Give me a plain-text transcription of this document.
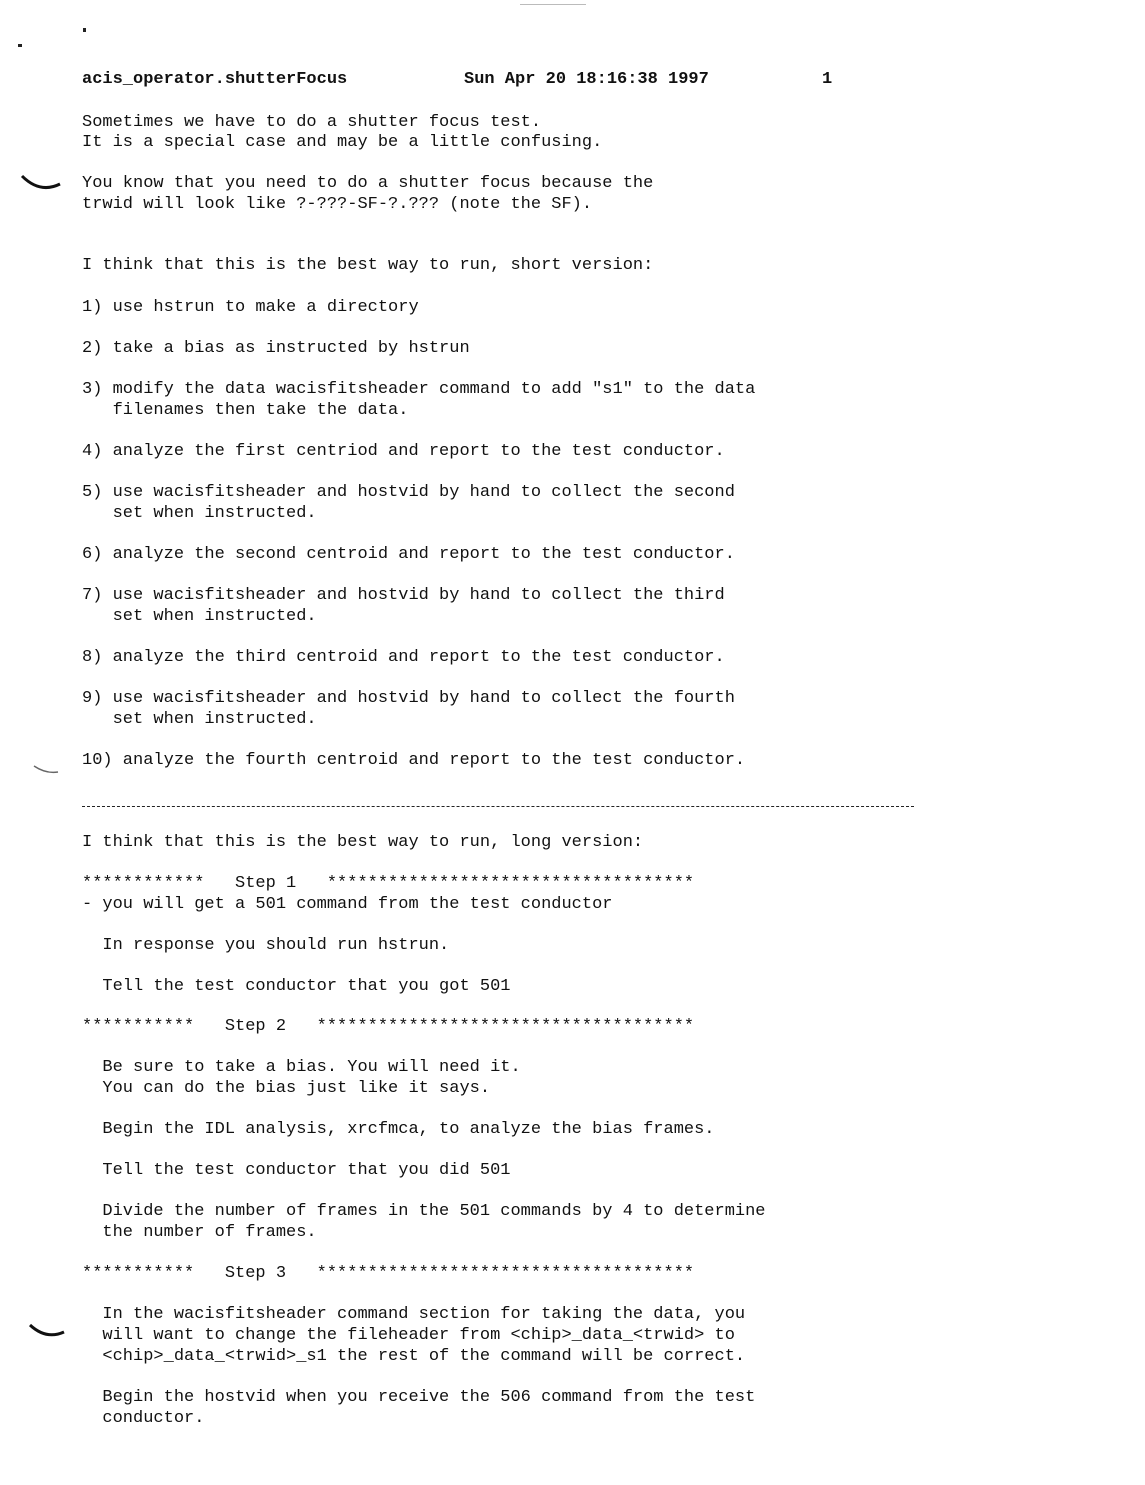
acis_operator.shutterFocus	Sun Apr 20 18:16:38 1997	1
Sometimes we have to do a shutter focus test.
It is a special case and may be a little confusing.
You know that you need to do a shutter focus because the
trwid will look like ?-???-SF-?.??? (note the SF).
I think that this is the best way to run, short version:
1) use hstrun to make a directory
2) take a bias as instructed by hstrun
3) modify the data wacisfitsheader command to add "s1" to the data
filenames then take the data.
4) analyze the first centriod and report to the test conductor.
5) use wacisfitsheader and hostvid by hand to collect the second
set when instructed.
6) analyze the second centroid and report to the test conductor.
7) use wacisfitsheader and hostvid by hand to collect the third
set when instructed.
8) analyze the third centroid and report to the test conductor.
9) use wacisfitsheader and hostvid by hand to collect the fourth
set when instructed.
10) analyze the fourth centroid and report to the test conductor.
I think that this is the best way to run, long version:
************   Step 1   ************************************
- you will get a 501 command from the test conductor
In response you should run hstrun.
Tell the test conductor that you got 501
***********   Step 2   *************************************
Be sure to take a bias. You will need it.
You can do the bias just like it says.
Begin the IDL analysis, xrcfmca, to analyze the bias frames.
Tell the test conductor that you did 501
Divide the number of frames in the 501 commands by 4 to determine
the number of frames.
***********   Step 3   *************************************
In the wacisfitsheader command section for taking the data, you
will want to change the fileheader from <chip>_data_<trwid> to
<chip>_data_<trwid>_s1 the rest of the command will be correct.
Begin the hostvid when you receive the 506 command from the test
conductor.
